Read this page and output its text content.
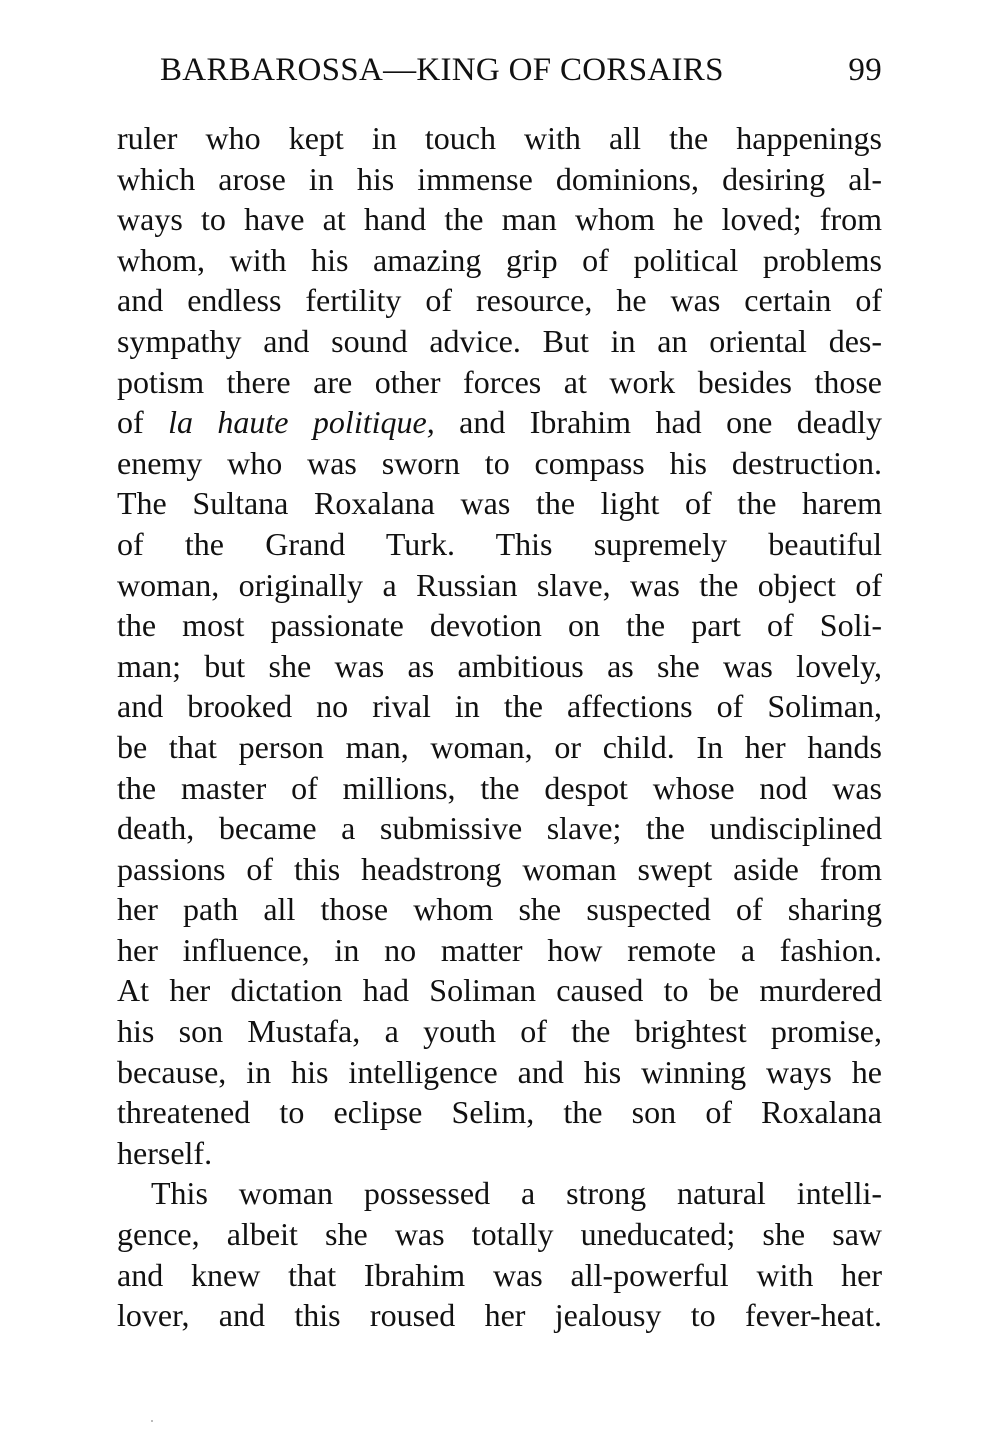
BARBAROSSA—KING OF CORSAIRS	99
ruler who kept in touch with all the happenings
which arose in his immense dominions, desiring al-
ways to have at hand the man whom he loved; from
whom, with his amazing grip of political problems
and endless fertility of resource, he was certain of
sympathy and sound advice. But in an oriental des-
potism there are other forces at work besides those
of la haute politique, and Ibrahim had one deadly
enemy who was sworn to compass his destruction.
The Sultana Roxalana was the light of the harem
of the Grand Turk. This supremely beautiful
woman, originally a Russian slave, was the object of
the most passionate devotion on the part of Soli-
man; but she was as ambitious as she was lovely,
and brooked no rival in the affections of Soliman,
be that person man, woman, or child. In her hands
the master of millions, the despot whose nod was
death, became a submissive slave; the undisciplined
passions of this headstrong woman swept aside from
her path all those whom she suspected of sharing
her influence, in no matter how remote a fashion.
At her dictation had Soliman caused to be murdered
his son Mustafa, a youth of the brightest promise,
because, in his intelligence and his winning ways he
threatened to eclipse Selim, the son of Roxalana
herself.
This woman possessed a strong natural intelli-
gence, albeit she was totally uneducated; she saw
and knew that Ibrahim was all-powerful with her
lover, and this roused her jealousy to fever-heat.
